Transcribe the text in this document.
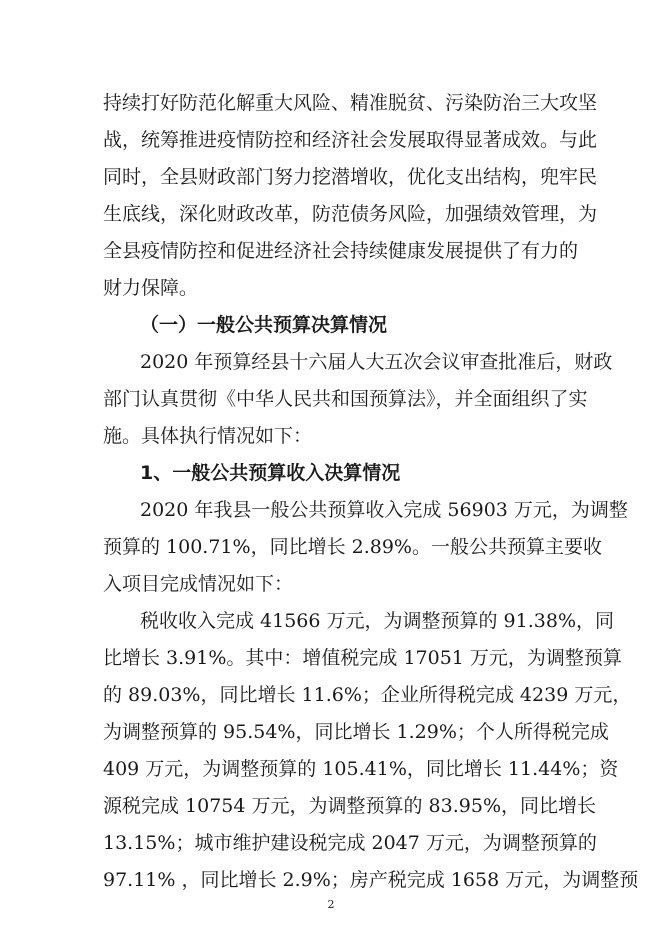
持续打好防范化解重大风险、精准脱贫、污染防治三大攻坚
战，统筹推进疫情防控和经济社会发展取得显著成效。与此
同时，全县财政部门努力挖潜增收，优化支出结构，兜牢民
生底线，深化财政改革，防范债务风险，加强绩效管理，为
全县疫情防控和促进经济社会持续健康发展提供了有力的
财力保障。
（一）一般公共预算决算情况
2020 年预算经县十六届人大五次会议审查批准后，财政
部门认真贯彻《中华人民共和国预算法》，并全面组织了实
施。具体执行情况如下：
1、一般公共预算收入决算情况
2020 年我县一般公共预算收入完成 56903 万元，为调整
预算的 100.71%，同比增长 2.89%。一般公共预算主要收
入项目完成情况如下：
税收收入完成 41566 万元，为调整预算的 91.38%，同
比增长 3.91%。其中：增值税完成 17051 万元，为调整预算
的 89.03%，同比增长 11.6%；企业所得税完成 4239 万元，
为调整预算的 95.54%，同比增长 1.29%；个人所得税完成
409 万元，为调整预算的 105.41%，同比增长 11.44%；资
源税完成 10754 万元，为调整预算的 83.95%，同比增长
13.15%；城市维护建设税完成 2047 万元，为调整预算的
97.11% ，同比增长 2.9%；房产税完成 1658 万元，为调整预
2
